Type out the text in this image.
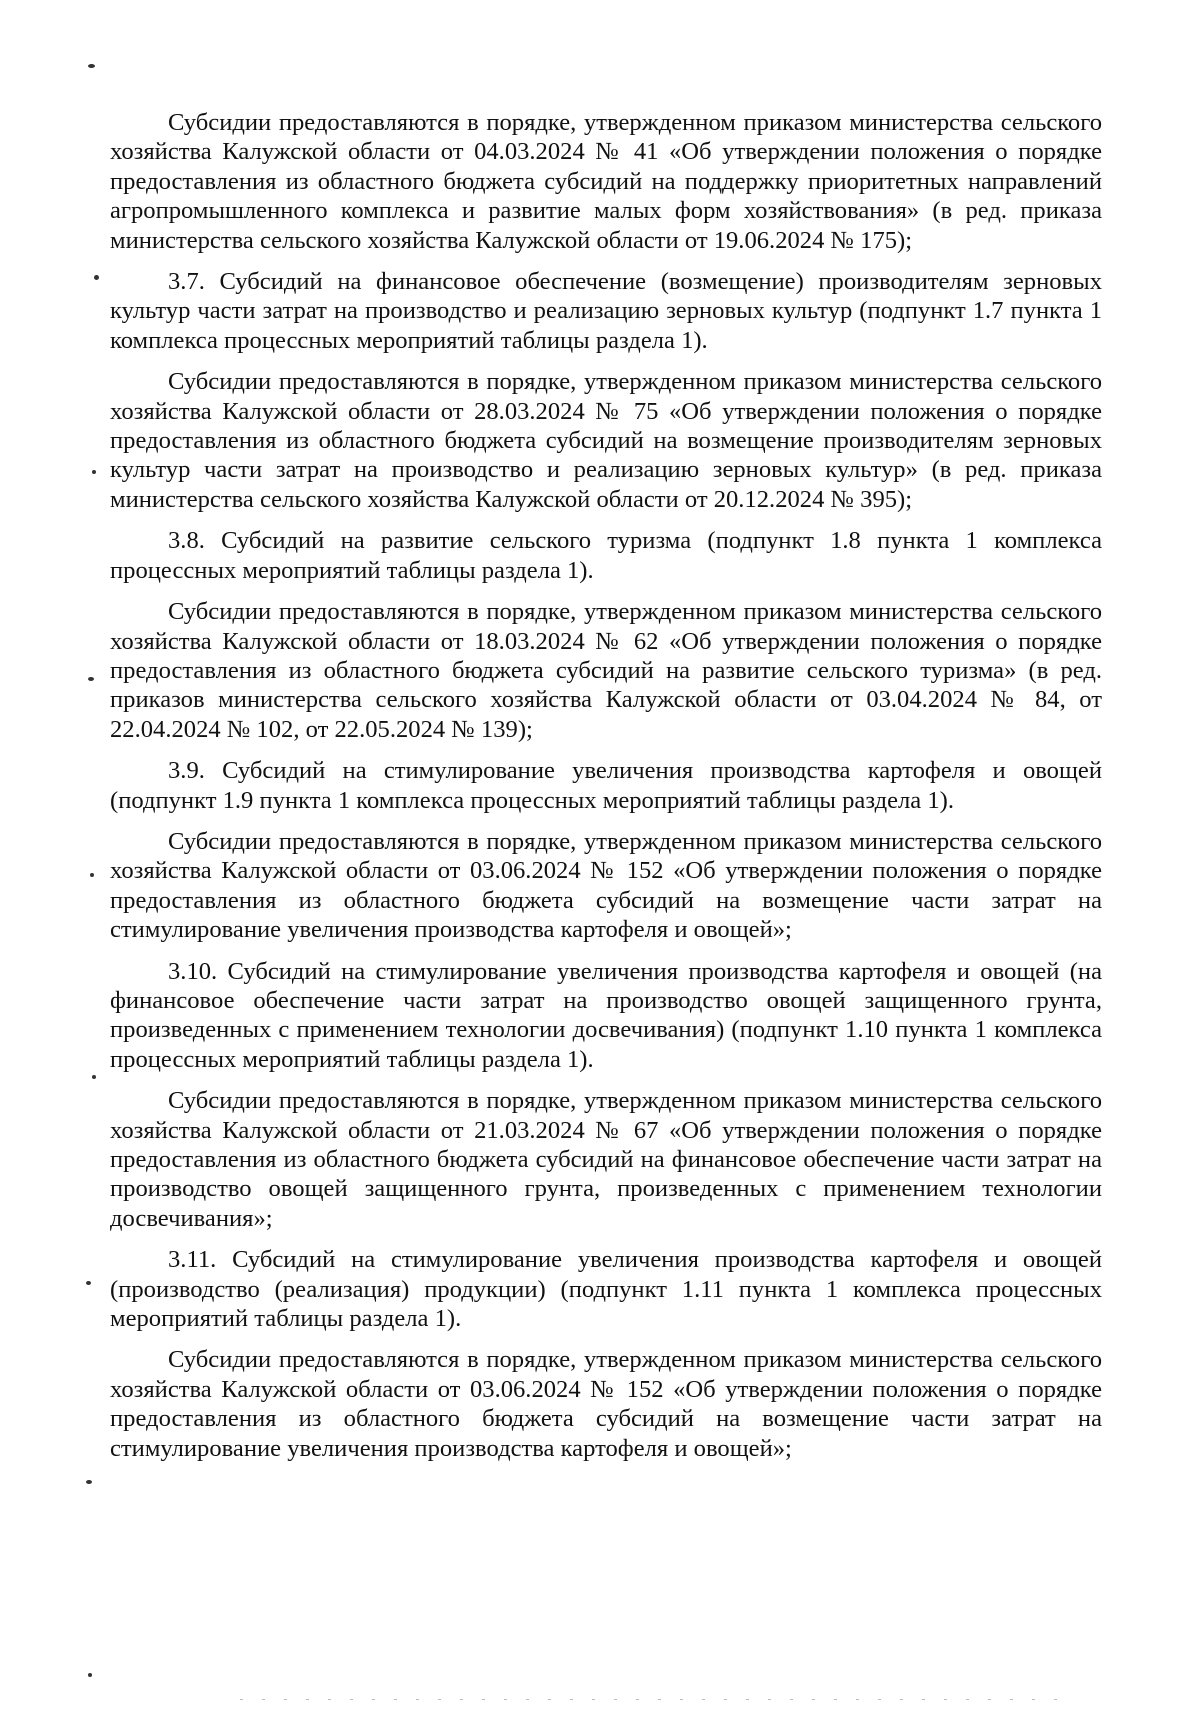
Субсидии предоставляются в порядке, утвержденном приказом министерства сельского хозяйства Калужской области от 04.03.2024 № 41 «Об утверждении положения о порядке предоставления из областного бюджета субсидий на поддержку приоритетных направлений агропромышленного комплекса и развитие малых форм хозяйствования» (в ред. приказа министерства сельского хозяйства Калужской области от 19.06.2024 № 175);

3.7. Субсидий на финансовое обеспечение (возмещение) производителям зерновых культур части затрат на производство и реализацию зерновых культур (подпункт 1.7 пункта 1 комплекса процессных мероприятий таблицы раздела 1).

Субсидии предоставляются в порядке, утвержденном приказом министерства сельского хозяйства Калужской области от 28.03.2024 № 75 «Об утверждении положения о порядке предоставления из областного бюджета субсидий на возмещение производителям зерновых культур части затрат на производство и реализацию зерновых культур» (в ред. приказа министерства сельского хозяйства Калужской области от 20.12.2024 № 395);

3.8. Субсидий на развитие сельского туризма (подпункт 1.8 пункта 1 комплекса процессных мероприятий таблицы раздела 1).

Субсидии предоставляются в порядке, утвержденном приказом министерства сельского хозяйства Калужской области от 18.03.2024 № 62 «Об утверждении положения о порядке предоставления из областного бюджета субсидий на развитие сельского туризма» (в ред. приказов министерства сельского хозяйства Калужской области от 03.04.2024 № 84, от 22.04.2024 № 102, от 22.05.2024 № 139);

3.9. Субсидий на стимулирование увеличения производства картофеля и овощей (подпункт 1.9 пункта 1 комплекса процессных мероприятий таблицы раздела 1).

Субсидии предоставляются в порядке, утвержденном приказом министерства сельского хозяйства Калужской области от 03.06.2024 № 152 «Об утверждении положения о порядке предоставления из областного бюджета субсидий на возмещение части затрат на стимулирование увеличения производства картофеля и овощей»;

3.10. Субсидий на стимулирование увеличения производства картофеля и овощей (на финансовое обеспечение части затрат на производство овощей защищенного грунта, произведенных с применением технологии досвечивания) (подпункт 1.10 пункта 1 комплекса процессных мероприятий таблицы раздела 1).

Субсидии предоставляются в порядке, утвержденном приказом министерства сельского хозяйства Калужской области от 21.03.2024 № 67 «Об утверждении положения о порядке предоставления из областного бюджета субсидий на финансовое обеспечение части затрат на производство овощей защищенного грунта, произведенных с применением технологии досвечивания»;

3.11. Субсидий на стимулирование увеличения производства картофеля и овощей (производство (реализация) продукции) (подпункт 1.11 пункта 1 комплекса процессных мероприятий таблицы раздела 1).

Субсидии предоставляются в порядке, утвержденном приказом министерства сельского хозяйства Калужской области от 03.06.2024 № 152 «Об утверждении положения о порядке предоставления из областного бюджета субсидий на возмещение части затрат на стимулирование увеличения производства картофеля и овощей»;
